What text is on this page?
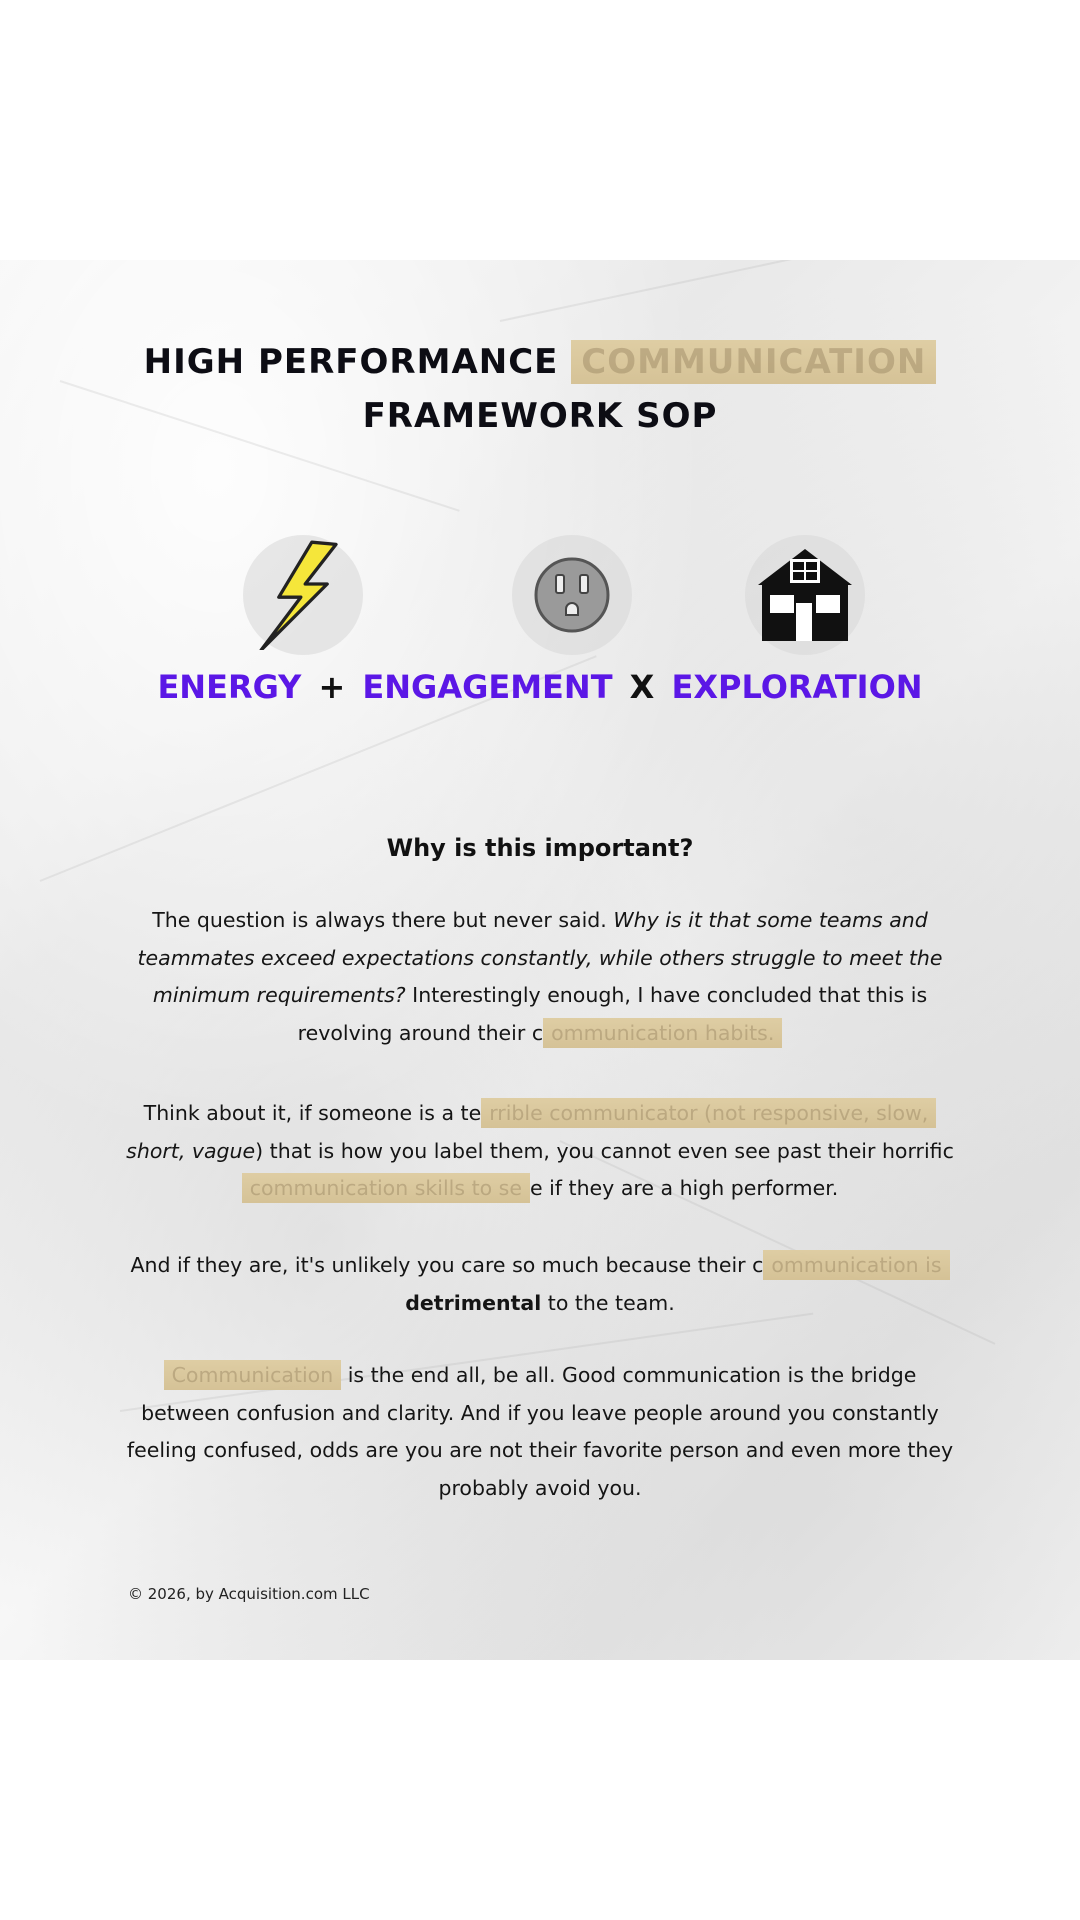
HIGH PERFORMANCE COMMUNICATION
FRAMEWORK SOP
ENERGY + ENGAGEMENT X EXPLORATION
Why is this important?
The question is always there but never said. Why is it that some teams and teammates exceed expectations constantly, while others struggle to meet the minimum requirements? Interestingly enough, I have concluded that this is revolving around their c ommunication habits.
Think about it, if someone is a te rrible communicator (not responsive, slow, short, vague) that is how you label them, you cannot even see past their horrific communication skills to se e if they are a high performer.
And if they are, it's unlikely you care so much because their c ommunication is detrimental to the team.
Communication is the end all, be all. Good communication is the bridge between confusion and clarity. And if you leave people around you constantly feeling confused, odds are you are not their favorite person and even more they probably avoid you.
© 2026, by Acquisition.com LLC
